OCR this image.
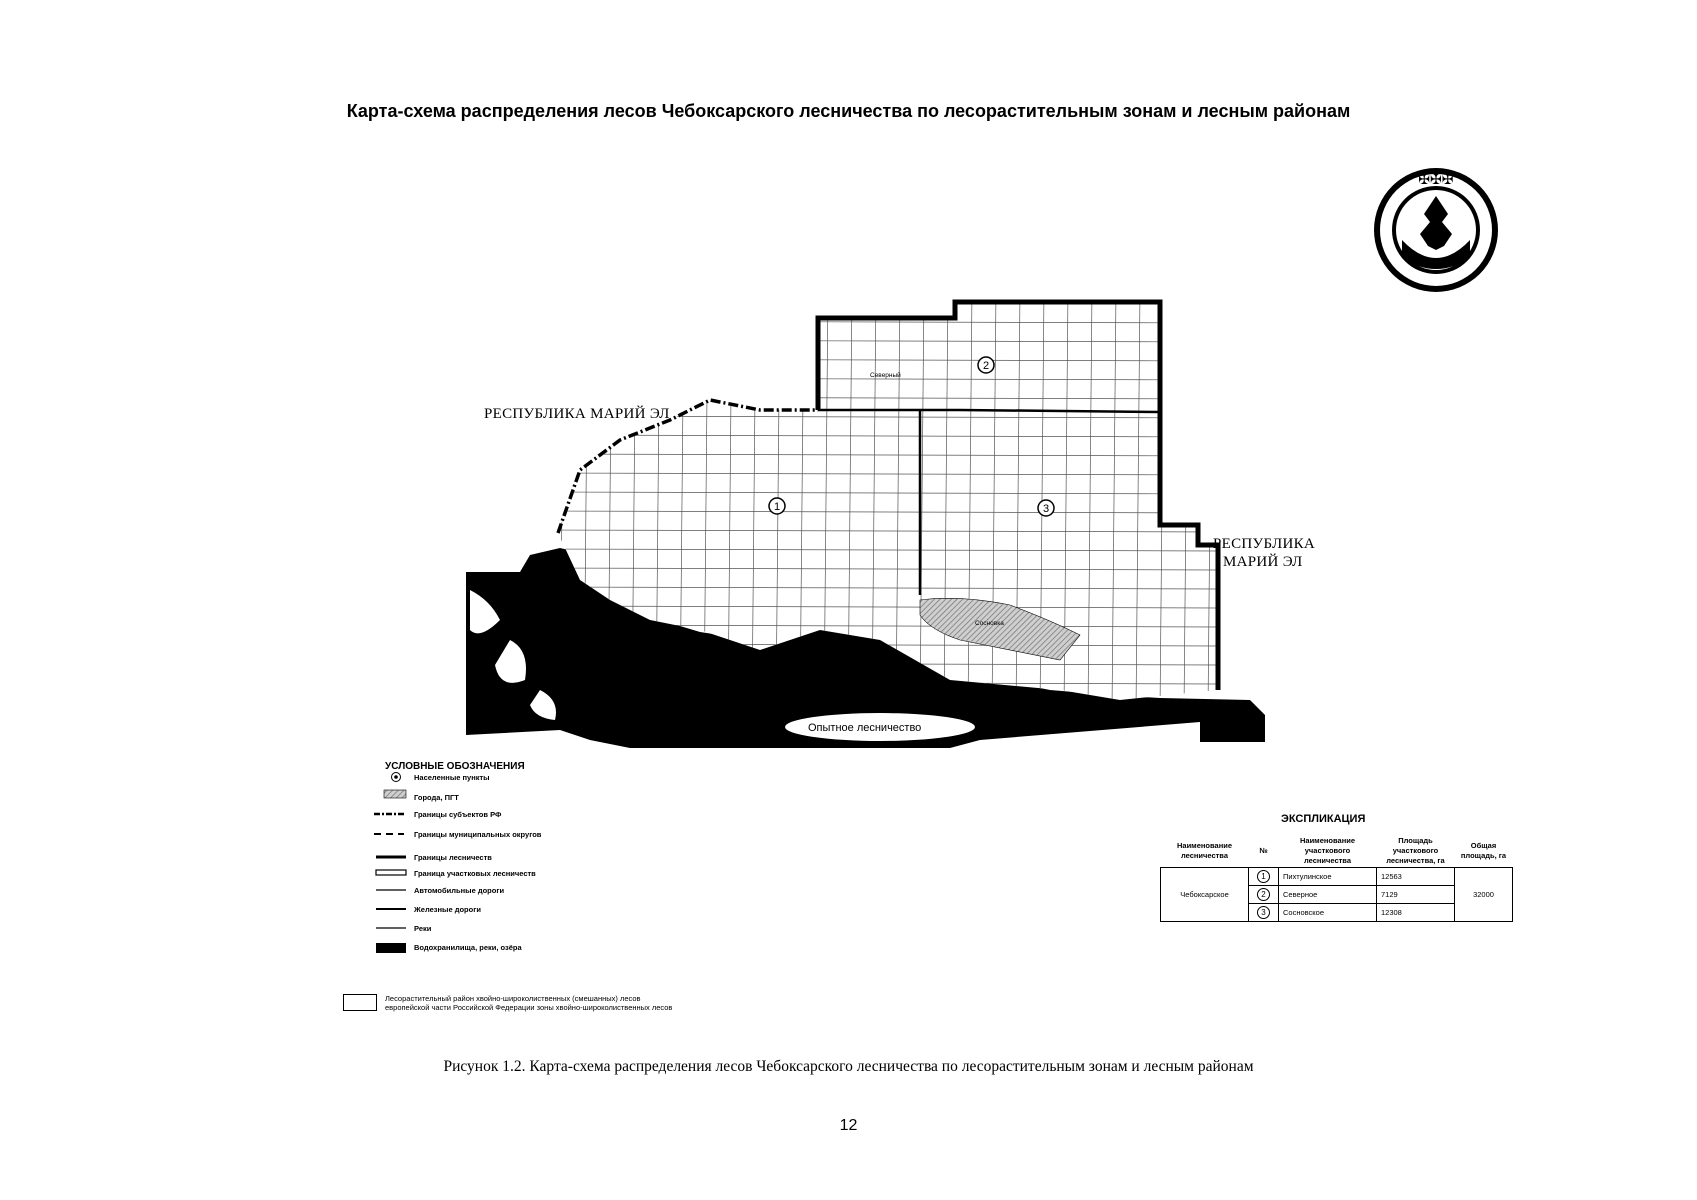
Карта-схема распределения лесов Чебоксарского лесничества по лесорастительным зонам и лесным районам
✠✠✠
РЕСПУБЛИКА МАРИЙ ЭЛ
РЕСПУБЛИКА
МАРИЙ ЭЛ
Северный
Сосновка
Опытное лесничество
1
2
3
УСЛОВНЫЕ ОБОЗНАЧЕНИЯ
Населенные пункты
Города, ПГТ
Границы субъектов РФ
Границы муниципальных округов
Границы лесничеств
Граница участковых лесничеств
Автомобильные дороги
Железные дороги
Реки
Водохранилища, реки, озёра
Лесорастительный район хвойно-широколиственных (смешанных) лесов
европейской части Российской Федерации зоны хвойно-широколиственных лесов
ЭКСПЛИКАЦИЯ
Наименование лесничества	№	Наименование участкового лесничества	Площадь участкового лесничества, га	Общая площадь, га
Чебоксарское	1	Пихтулинское	12563	32000
	2	Северное	7129	
	3	Сосновское	12308	
Рисунок 1.2. Карта-схема распределения лесов Чебоксарского лесничества по лесорастительным зонам и лесным районам
12
